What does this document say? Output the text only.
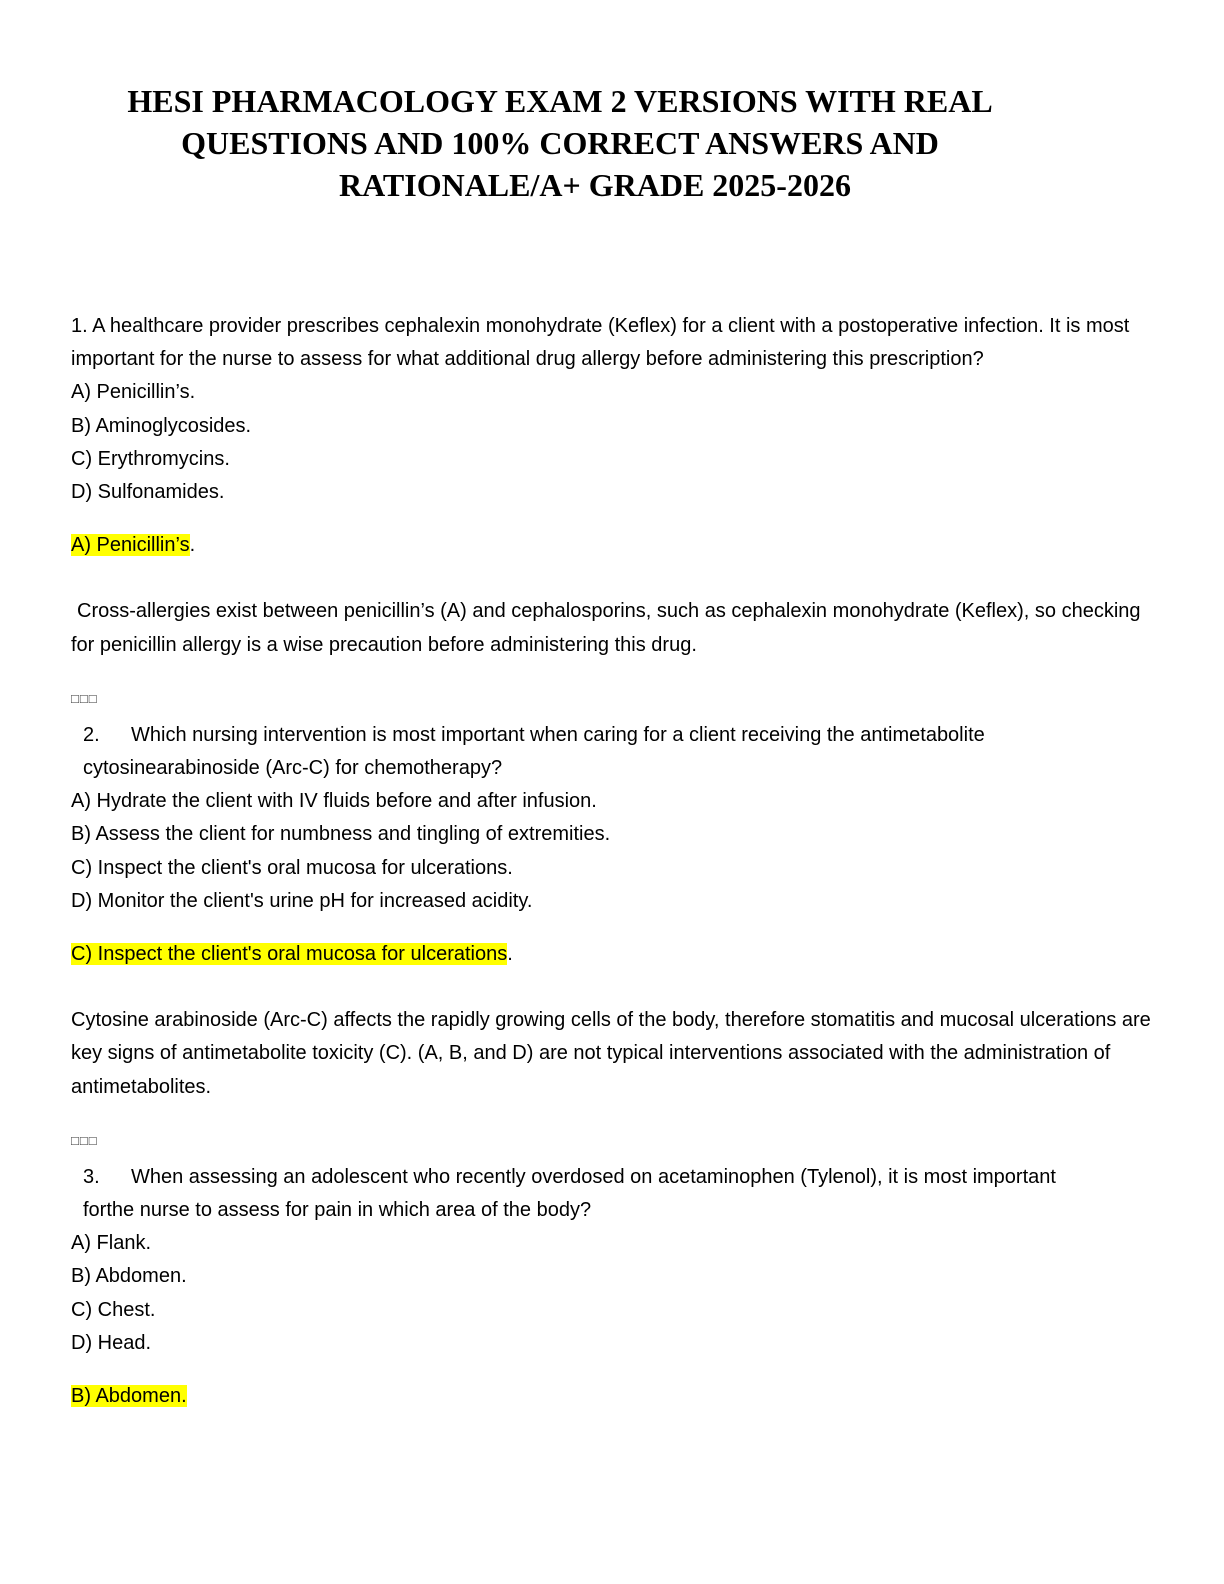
HESI PHARMACOLOGY EXAM 2 VERSIONS WITH REAL
QUESTIONS AND 100% CORRECT ANSWERS AND
RATIONALE/A+ GRADE 2025-2026

1. A healthcare provider prescribes cephalexin monohydrate (Keflex) for a client with a postoperative infection. It is most important for the nurse to assess for what additional drug allergy before administering this prescription?

A) Penicillin’s.

B) Aminoglycosides.

C) Erythromycins.

D) Sulfonamides.

A) Penicillin’s.

Cross-allergies exist between penicillin’s (A) and cephalosporins, such as cephalexin monohydrate (Keflex), so checking for penicillin allergy is a wise precaution before administering this drug.

□□□

2.	Which nursing intervention is most important when caring for a client receiving the antimetabolite

cytosinearabinoside (Arc-C) for chemotherapy?

A) Hydrate the client with IV fluids before and after infusion.

B) Assess the client for numbness and tingling of extremities.

C) Inspect the client's oral mucosa for ulcerations.

D) Monitor the client's urine pH for increased acidity.

C) Inspect the client's oral mucosa for ulcerations.

Cytosine arabinoside (Arc-C) affects the rapidly growing cells of the body, therefore stomatitis and mucosal ulcerations are key signs of antimetabolite toxicity (C). (A, B, and D) are not typical interventions associated with the administration of antimetabolites.

□□□

3.	When assessing an adolescent who recently overdosed on acetaminophen (Tylenol), it is most important

forthe nurse to assess for pain in which area of the body?

A) Flank.

B) Abdomen.

C) Chest.

D) Head.

B) Abdomen.
